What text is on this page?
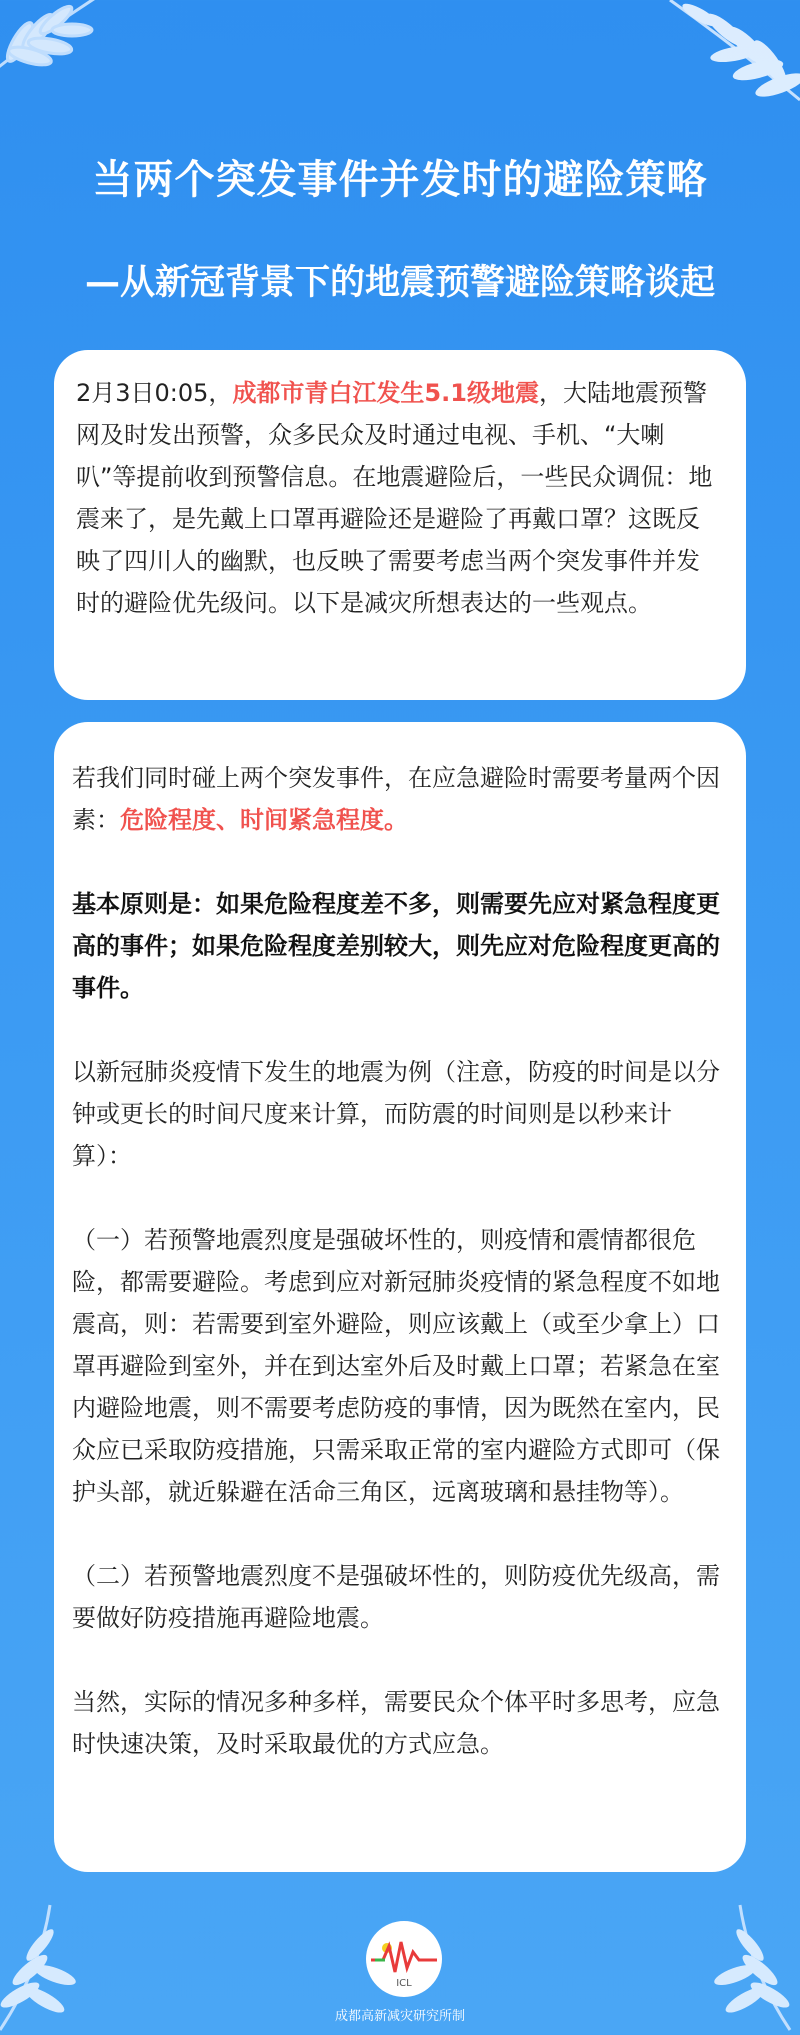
当两个突发事件并发时的避险策略
—从新冠背景下的地震预警避险策略谈起

2月3日0:05，成都市青白江发生5.1级地震，大陆地震预警网及时发出预警，众多民众及时通过电视、手机、“大喇叭”等提前收到预警信息。在地震避险后，一些民众调侃：地震来了，是先戴上口罩再避险还是避险了再戴口罩？这既反映了四川人的幽默，也反映了需要考虑当两个突发事件并发时的避险优先级问。以下是减灾所想表达的一些观点。

若我们同时碰上两个突发事件，在应急避险时需要考量两个因素：危险程度、时间紧急程度。

基本原则是：如果危险程度差不多，则需要先应对紧急程度更高的事件；如果危险程度差别较大，则先应对危险程度更高的事件。

以新冠肺炎疫情下发生的地震为例（注意，防疫的时间是以分钟或更长的时间尺度来计算，而防震的时间则是以秒来计算）：

（一）若预警地震烈度是强破坏性的，则疫情和震情都很危险，都需要避险。考虑到应对新冠肺炎疫情的紧急程度不如地震高，则：若需要到室外避险，则应该戴上（或至少拿上）口罩再避险到室外，并在到达室外后及时戴上口罩；若紧急在室内避险地震，则不需要考虑防疫的事情，因为既然在室内，民众应已采取防疫措施，只需采取正常的室内避险方式即可（保护头部，就近躲避在活命三角区，远离玻璃和悬挂物等）。

（二）若预警地震烈度不是强破坏性的，则防疫优先级高，需要做好防疫措施再避险地震。

当然，实际的情况多种多样，需要民众个体平时多思考，应急时快速决策，及时采取最优的方式应急。

ICL
成都高新减灾研究所制
